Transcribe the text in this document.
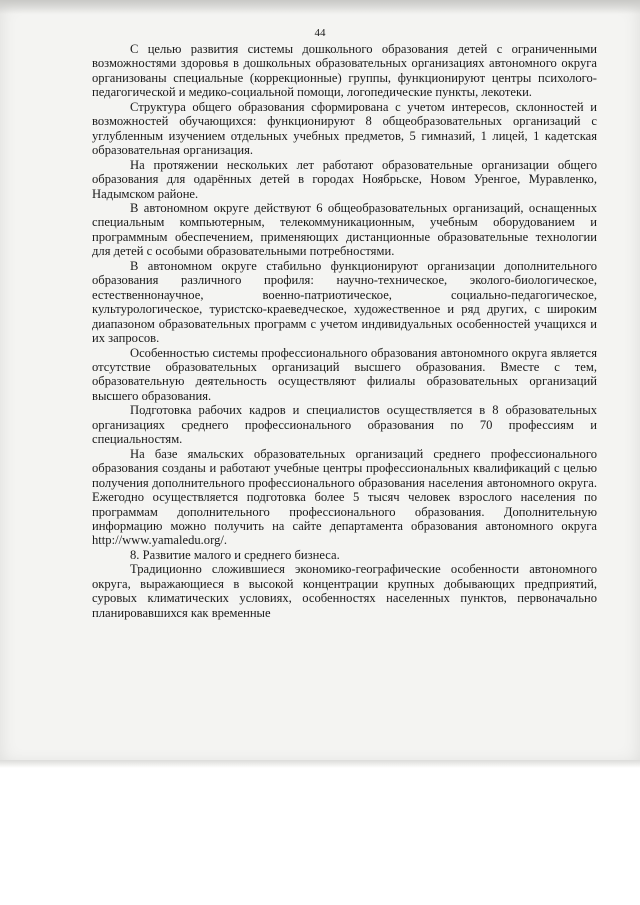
44

С целью развития системы дошкольного образования детей с ограниченными возможностями здоровья в дошкольных образовательных организациях автономного округа организованы специальные (коррекционные) группы, функционируют центры психолого-педагогической и медико-социальной помощи, логопедические пункты, лекотеки.

Структура общего образования сформирована с учетом интересов, склонностей и возможностей обучающихся: функционируют 8 общеобразовательных организаций с углубленным изучением отдельных учебных предметов, 5 гимназий, 1 лицей, 1 кадетская образовательная организация.

На протяжении нескольких лет работают образовательные организации общего образования для одарённых детей в городах Ноябрьске, Новом Уренгое, Муравленко, Надымском районе.

В автономном округе действуют 6 общеобразовательных организаций, оснащенных специальным компьютерным, телекоммуникационным, учебным оборудованием и программным обеспечением, применяющих дистанционные образовательные технологии для детей с особыми образовательными потребностями.

В автономном округе стабильно функционируют организации дополнительного образования различного профиля: научно-техническое, эколого-биологическое, естественнонаучное, военно-патриотическое, социально-педагогическое, культурологическое, туристско-краеведческое, художественное и ряд других, с широким диапазоном образовательных программ с учетом индивидуальных особенностей учащихся и их запросов.

Особенностью системы профессионального образования автономного округа является отсутствие образовательных организаций высшего образования. Вместе с тем, образовательную деятельность осуществляют филиалы образовательных организаций высшего образования.

Подготовка рабочих кадров и специалистов осуществляется в 8 образовательных организациях среднего профессионального образования по 70 профессиям и специальностям.

На базе ямальских образовательных организаций среднего профессионального образования созданы и работают учебные центры профессиональных квалификаций с целью получения дополнительного профессионального образования населения автономного округа. Ежегодно осуществляется подготовка более 5 тысяч человек взрослого населения по программам дополнительного профессионального образования. Дополнительную информацию можно получить на сайте департамента образования автономного округа http://www.yamaledu.org/.

8. Развитие малого и среднего бизнеса.

Традиционно сложившиеся экономико-географические особенности автономного округа, выражающиеся в высокой концентрации крупных добывающих предприятий, суровых климатических условиях, особенностях населенных пунктов, первоначально планировавшихся как временные
